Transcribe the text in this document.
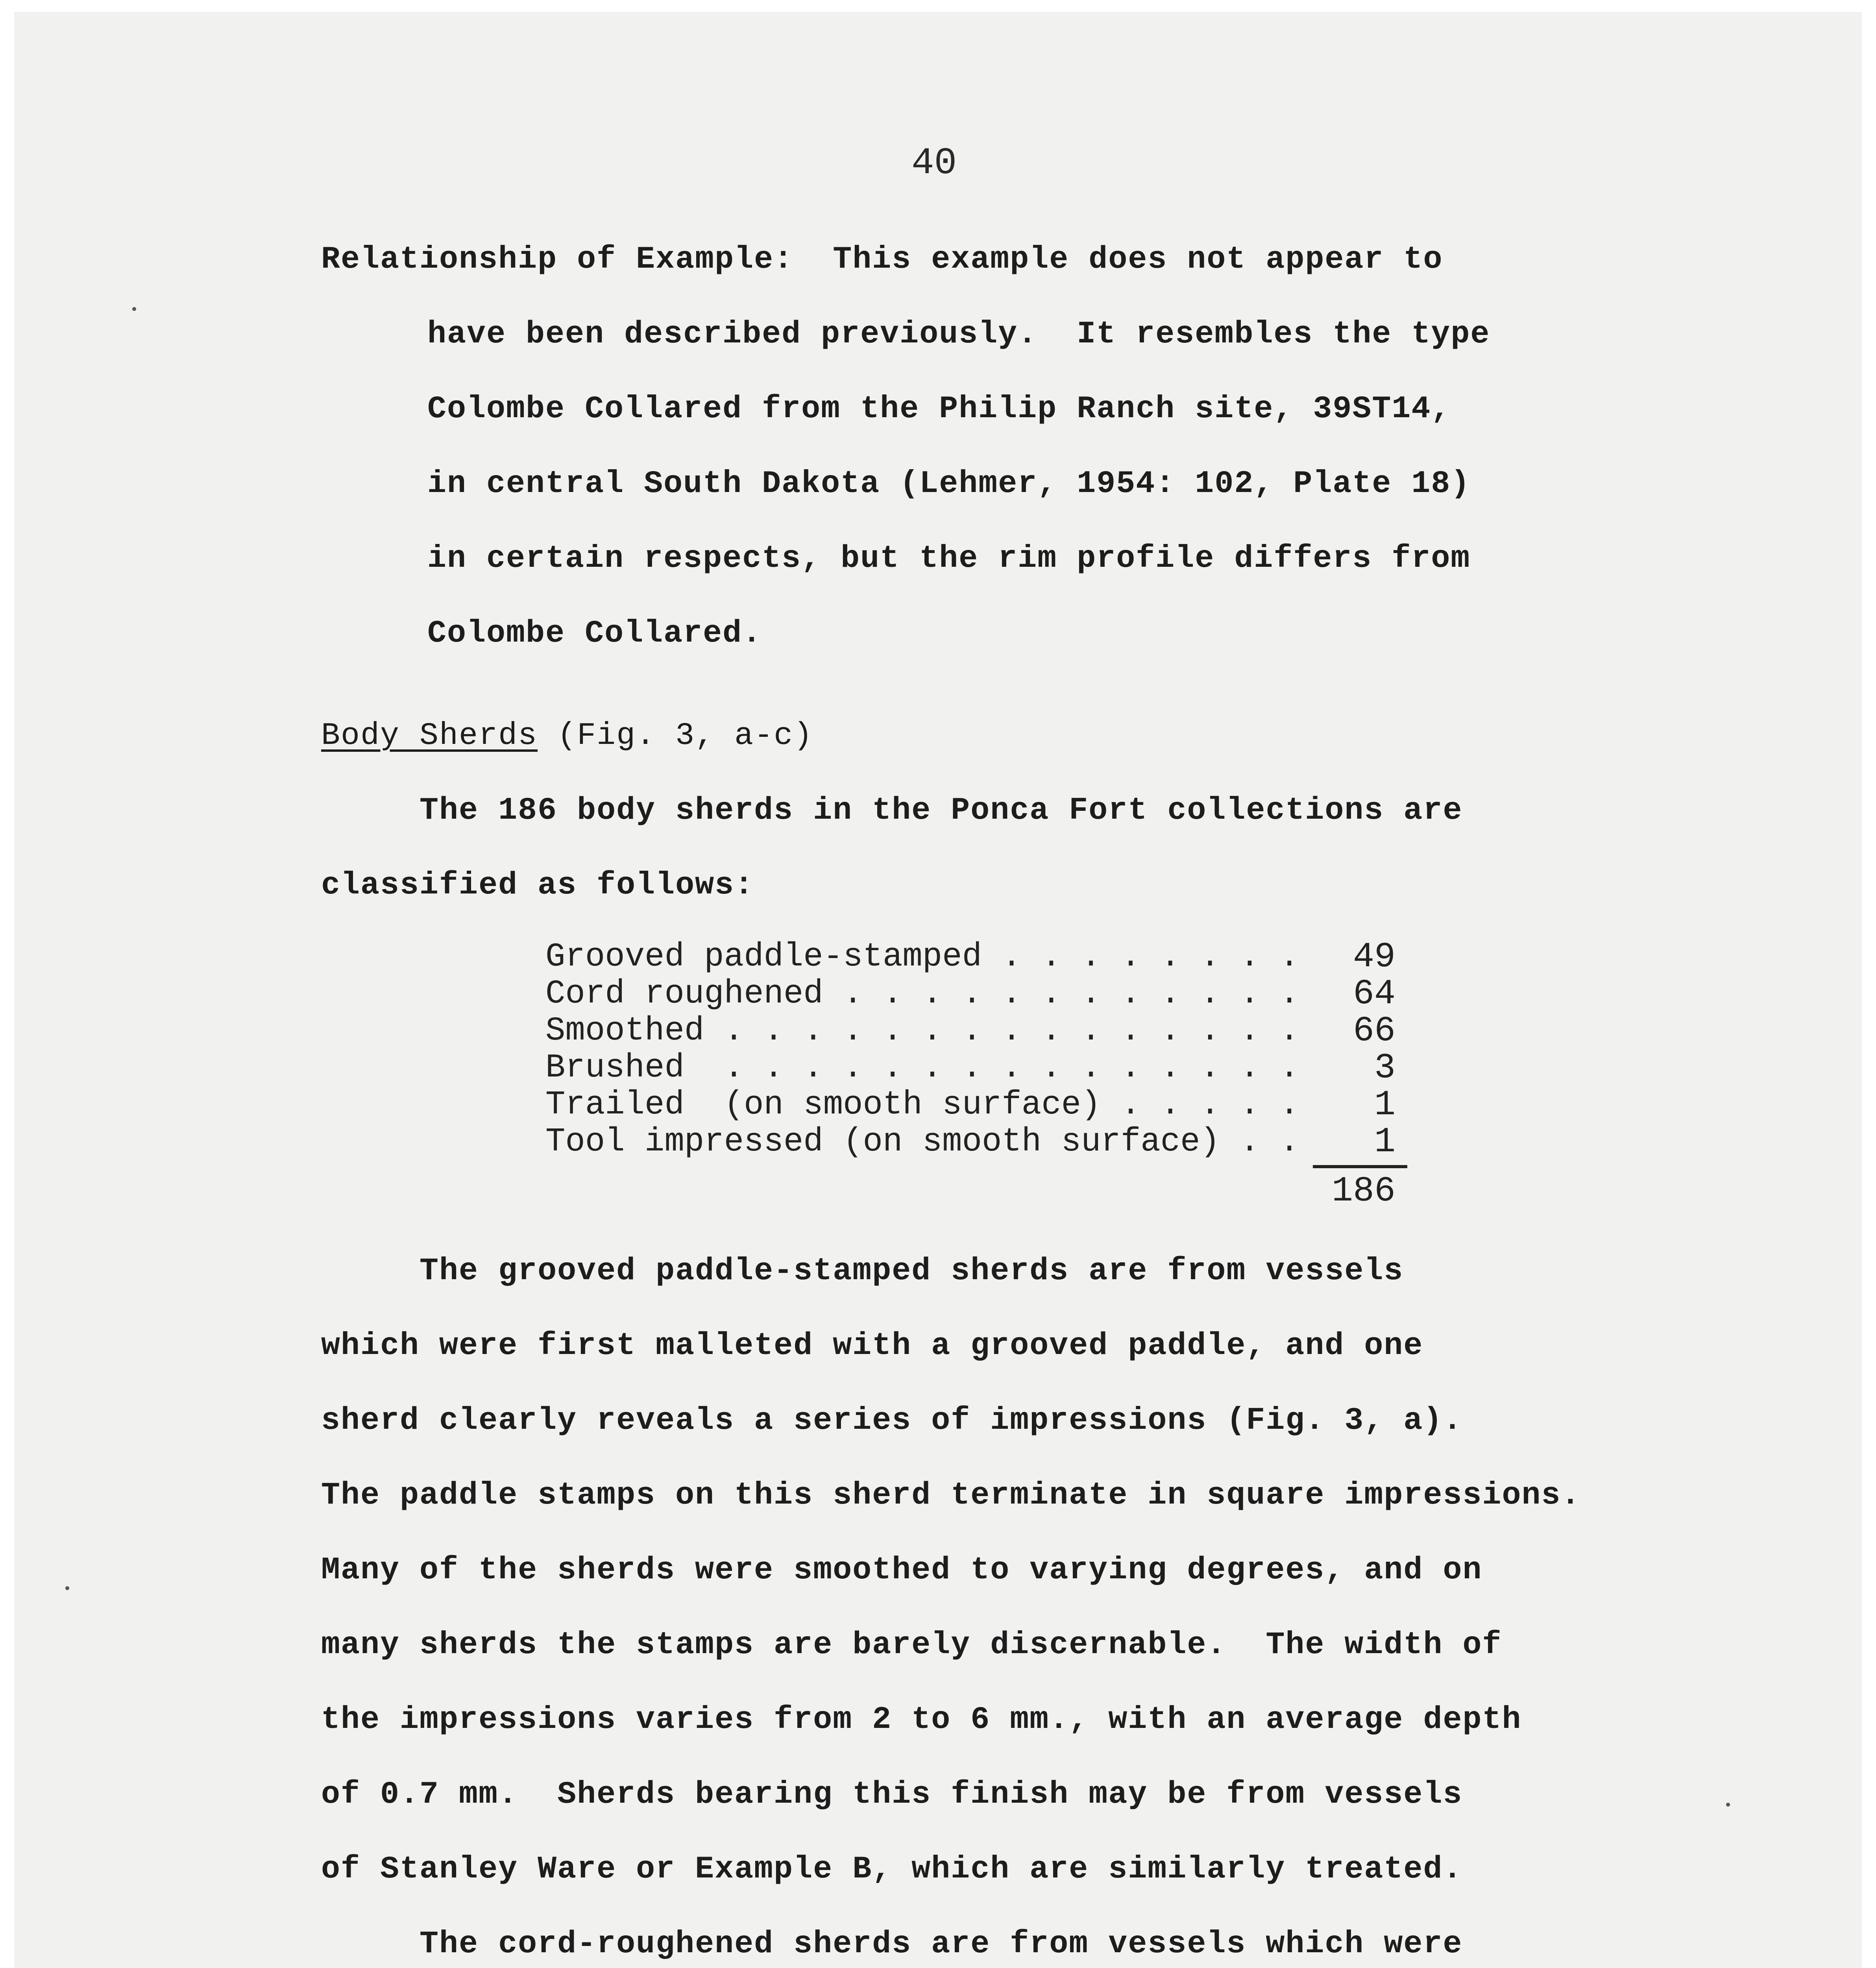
40
Relationship of Example:  This example does not appear to
have been described previously.  It resembles the type
Colombe Collared from the Philip Ranch site, 39ST14,
in central South Dakota (Lehmer, 1954: 102, Plate 18)
in certain respects, but the rim profile differs from
Colombe Collared.
Body Sherds (Fig. 3, a-c)
The 186 body sherds in the Ponca Fort collections are
classified as follows:
Grooved paddle-stamped . . . . . . . .	49
Cord roughened . . . . . . . . . . . .	64
Smoothed . . . . . . . . . . . . . . .	66
Brushed  . . . . . . . . . . . . . . .	3
Trailed  (on smooth surface) . . . . .	1
Tool impressed (on smooth surface) . .	1
186
The grooved paddle-stamped sherds are from vessels
which were first malleted with a grooved paddle, and one
sherd clearly reveals a series of impressions (Fig. 3, a).
The paddle stamps on this sherd terminate in square impressions.
Many of the sherds were smoothed to varying degrees, and on
many sherds the stamps are barely discernable.  The width of
the impressions varies from 2 to 6 mm., with an average depth
of 0.7 mm.  Sherds bearing this finish may be from vessels
of Stanley Ware or Example B, which are similarly treated.
The cord-roughened sherds are from vessels which were
